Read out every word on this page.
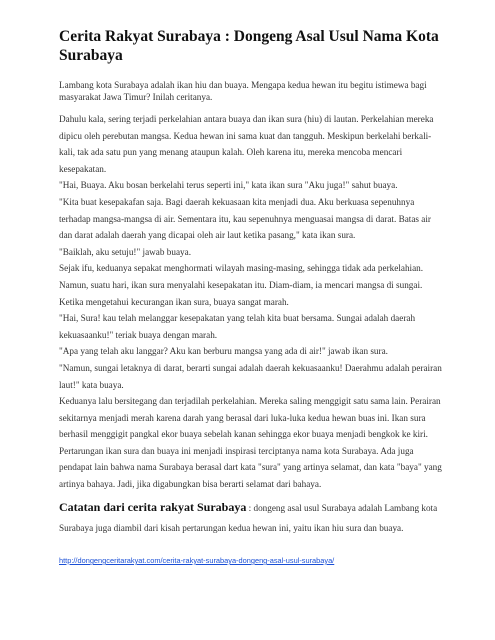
Cerita Rakyat Surabaya : Dongeng Asal Usul Nama Kota Surabaya

Lambang kota Surabaya adalah ikan hiu dan buaya. Mengapa kedua hewan itu begitu istimewa bagi masyarakat Jawa Timur? Inilah ceritanya.

Dahulu kala, sering terjadi perkelahian antara buaya dan ikan sura (hiu) di lautan. Perkelahian mereka dipicu oleh perebutan mangsa. Kedua hewan ini sama kuat dan tangguh. Meskipun berkelahi berkali-kali, tak ada satu pun yang menang ataupun kalah. Oleh karena itu, mereka mencoba mencari kesepakatan.

"Hai, Buaya. Aku bosan berkelahi terus seperti ini," kata ikan sura "Aku juga!" sahut buaya.

"Kita buat kesepakafan saja. Bagi daerah kekuasaan kita menjadi dua. Aku berkuasa sepenuhnya terhadap mangsa-mangsa di air. Sementara itu, kau sepenuhnya menguasai mangsa di darat. Batas air dan darat adalah daerah yang dicapai oleh air laut ketika pasang," kata ikan sura.

"Baiklah, aku setuju!" jawab buaya.

Sejak ifu, keduanya sepakat menghormati wilayah masing-masing, sehingga tidak ada perkelahian. Namun, suatu hari, ikan sura menyalahi kesepakatan itu. Diam-diam, ia mencari mangsa di sungai. Ketika mengetahui kecurangan ikan sura, buaya sangat marah.

"Hai, Sura! kau telah melanggar kesepakatan yang telah kita buat bersama. Sungai adalah daerah kekuasaanku!" teriak buaya dengan marah.

"Apa yang telah aku langgar? Aku kan berburu mangsa yang ada di air!" jawab ikan sura.

"Namun, sungai letaknya di darat, berarti sungai adalah daerah kekuasaanku! Daerahmu adalah perairan laut!" kata buaya.

Keduanya lalu bersitegang dan terjadilah perkelahian. Mereka saling menggigit satu sama lain. Perairan sekitarnya menjadi merah karena darah yang berasal dari luka-luka kedua hewan buas ini. Ikan sura berhasil menggigit pangkal ekor buaya sebelah kanan sehingga ekor buaya menjadi bengkok ke kiri.

Pertarungan ikan sura dan buaya ini menjadi inspirasi terciptanya nama kota Surabaya. Ada juga pendapat lain bahwa nama Surabaya berasal dart kata "sura" yang artinya selamat, dan kata "baya" yang artinya bahaya. Jadi, jika digabungkan bisa berarti selamat dari bahaya.

Catatan dari cerita rakyat Surabaya : dongeng asal usul Surabaya adalah Lambang kota Surabaya juga diambil dari kisah pertarungan kedua hewan ini, yaitu ikan hiu sura dan buaya.
http://dongengceritarakyat.com/cerita-rakyat-surabaya-dongeng-asal-usul-surabaya/
